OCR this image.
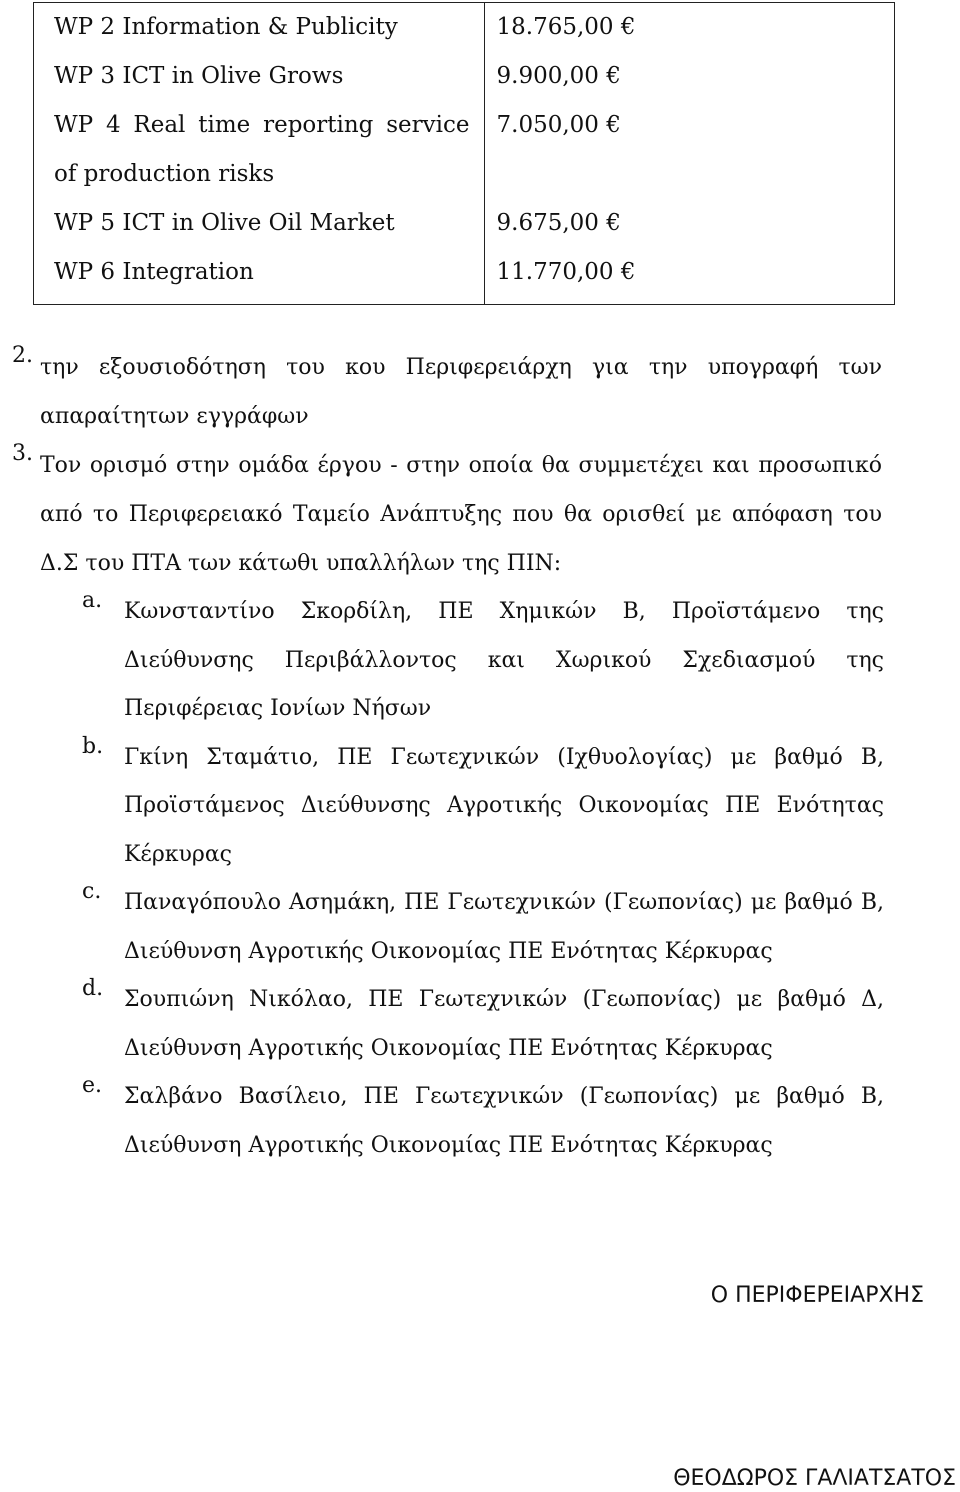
WP 2 Information & Publicity	18.765,00 €
WP 3 ICT in Olive Grows	9.900,00 €
WP 4 Real time reporting service of production risks	7.050,00 €
WP 5 ICT in Olive Oil Market	9.675,00 €
WP 6 Integration	11.770,00 €
2. την εξουσιοδότηση του κου Περιφερειάρχη για την υπογραφή των απαραίτητων εγγράφων
3. Τον ορισμό στην ομάδα έργου - στην οποία θα συμμετέχει και προσωπικό από το Περιφερειακό Ταμείο Ανάπτυξης που θα ορισθεί με απόφαση του Δ.Σ του ΠΤΑ των κάτωθι υπαλλήλων της ΠΙΝ:
a. Κωνσταντίνο Σκορδίλη, ΠΕ Χημικών Β, Προϊστάμενο της Διεύθυνσης Περιβάλλοντος και Χωρικού Σχεδιασμού της Περιφέρειας Ιονίων Νήσων
b. Γκίνη Σταμάτιο, ΠΕ Γεωτεχνικών (Ιχθυολογίας) με βαθμό Β, Προϊστάμενος Διεύθυνσης Αγροτικής Οικονομίας ΠΕ Ενότητας Κέρκυρας
c. Παναγόπουλο Ασημάκη, ΠΕ Γεωτεχνικών (Γεωπονίας) με βαθμό Β, Διεύθυνση Αγροτικής Οικονομίας ΠΕ Ενότητας Κέρκυρας
d. Σουπιώνη Νικόλαο, ΠΕ Γεωτεχνικών (Γεωπονίας) με βαθμό Δ, Διεύθυνση Αγροτικής Οικονομίας ΠΕ Ενότητας Κέρκυρας
e. Σαλβάνο Βασίλειο, ΠΕ Γεωτεχνικών (Γεωπονίας) με βαθμό Β, Διεύθυνση Αγροτικής Οικονομίας ΠΕ Ενότητας Κέρκυρας
Ο ΠΕΡΙΦΕΡΕΙΑΡΧΗΣ
ΘΕΟΔΩΡΟΣ ΓΑΛΙΑΤΣΑΤΟΣ
